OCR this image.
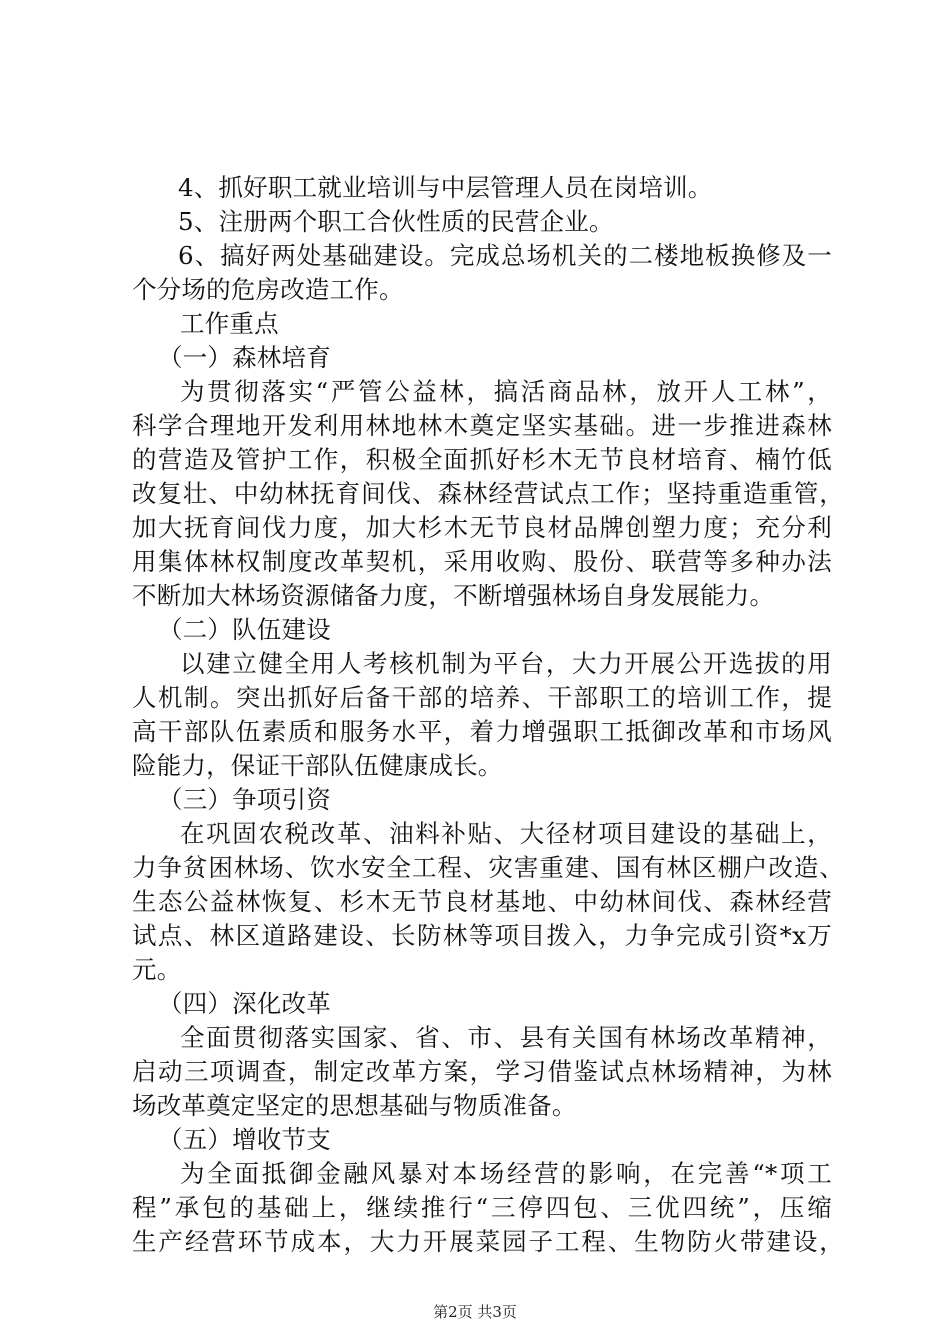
4、抓好职工就业培训与中层管理人员在岗培训。
5、注册两个职工合伙性质的民营企业。
6、搞好两处基础建设。完成总场机关的二楼地板换修及一
个分场的危房改造工作。
工作重点
（一）森林培育
为贯彻落实“严管公益林，搞活商品林，放开人工林”，
科学合理地开发利用林地林木奠定坚实基础。进一步推进森林
的营造及管护工作，积极全面抓好杉木无节良材培育、楠竹低
改复壮、中幼林抚育间伐、森林经营试点工作；坚持重造重管，
加大抚育间伐力度，加大杉木无节良材品牌创塑力度；充分利
用集体林权制度改革契机，采用收购、股份、联营等多种办法
不断加大林场资源储备力度，不断增强林场自身发展能力。
（二）队伍建设
以建立健全用人考核机制为平台，大力开展公开选拔的用
人机制。突出抓好后备干部的培养、干部职工的培训工作，提
高干部队伍素质和服务水平，着力增强职工抵御改革和市场风
险能力，保证干部队伍健康成长。
（三）争项引资
在巩固农税改革、油料补贴、大径材项目建设的基础上，
力争贫困林场、饮水安全工程、灾害重建、国有林区棚户改造、
生态公益林恢复、杉木无节良材基地、中幼林间伐、森林经营
试点、林区道路建设、长防林等项目拨入，力争完成引资*x万
元。
（四）深化改革
全面贯彻落实国家、省、市、县有关国有林场改革精神，
启动三项调查，制定改革方案，学习借鉴试点林场精神，为林
场改革奠定坚定的思想基础与物质准备。
（五）增收节支
为全面抵御金融风暴对本场经营的影响，在完善“*项工
程”承包的基础上，继续推行“三停四包、三优四统”，压缩
生产经营环节成本，大力开展菜园子工程、生物防火带建设，
第2页 共3页
